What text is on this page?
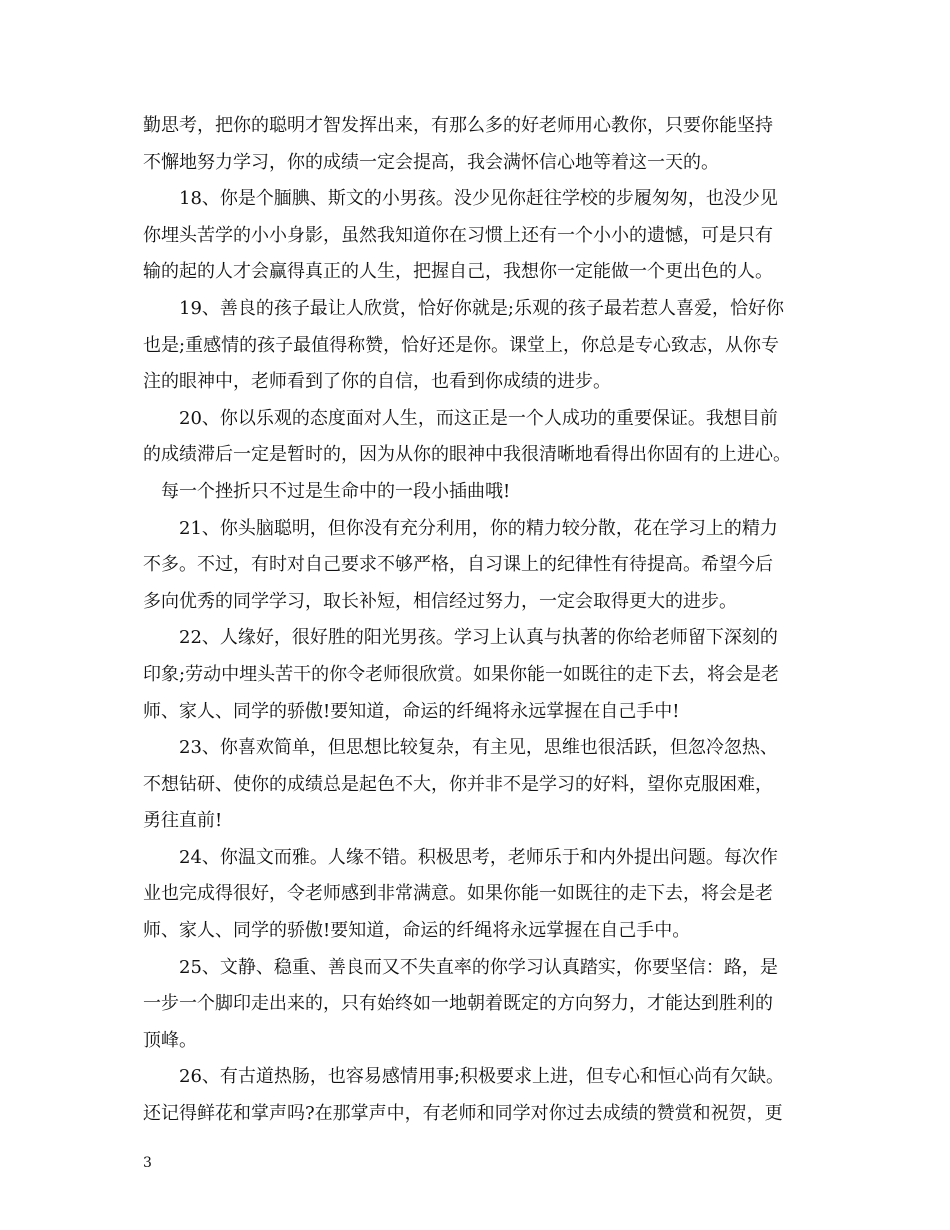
勤思考，把你的聪明才智发挥出来，有那么多的好老师用心教你，只要你能坚持
不懈地努力学习，你的成绩一定会提高，我会满怀信心地等着这一天的。
18、你是个腼腆、斯文的小男孩。没少见你赶往学校的步履匆匆，也没少见
你埋头苦学的小小身影，虽然我知道你在习惯上还有一个小小的遗憾，可是只有
输的起的人才会赢得真正的人生，把握自己，我想你一定能做一个更出色的人。
19、善良的孩子最让人欣赏，恰好你就是;乐观的孩子最若惹人喜爱，恰好你
也是;重感情的孩子最值得称赞，恰好还是你。课堂上，你总是专心致志，从你专
注的眼神中，老师看到了你的自信，也看到你成绩的进步。
20、你以乐观的态度面对人生，而这正是一个人成功的重要保证。我想目前
的成绩滞后一定是暂时的，因为从你的眼神中我很清晰地看得出你固有的上进心。
每一个挫折只不过是生命中的一段小插曲哦!
21、你头脑聪明，但你没有充分利用，你的精力较分散，花在学习上的精力
不多。不过，有时对自己要求不够严格，自习课上的纪律性有待提高。希望今后
多向优秀的同学学习，取长补短，相信经过努力，一定会取得更大的进步。
22、人缘好，很好胜的阳光男孩。学习上认真与执著的你给老师留下深刻的
印象;劳动中埋头苦干的你令老师很欣赏。如果你能一如既往的走下去，将会是老
师、家人、同学的骄傲!要知道，命运的纤绳将永远掌握在自己手中!
23、你喜欢简单，但思想比较复杂，有主见，思维也很活跃，但忽冷忽热、
不想钻研、使你的成绩总是起色不大，你并非不是学习的好料，望你克服困难，
勇往直前!
24、你温文而雅。人缘不错。积极思考，老师乐于和内外提出问题。每次作
业也完成得很好，令老师感到非常满意。如果你能一如既往的走下去，将会是老
师、家人、同学的骄傲!要知道，命运的纤绳将永远掌握在自己手中。
25、文静、稳重、善良而又不失直率的你学习认真踏实，你要坚信：路，是
一步一个脚印走出来的，只有始终如一地朝着既定的方向努力，才能达到胜利的
顶峰。
26、有古道热肠，也容易感情用事;积极要求上进，但专心和恒心尚有欠缺。
还记得鲜花和掌声吗?在那掌声中，有老师和同学对你过去成绩的赞赏和祝贺，更
3
